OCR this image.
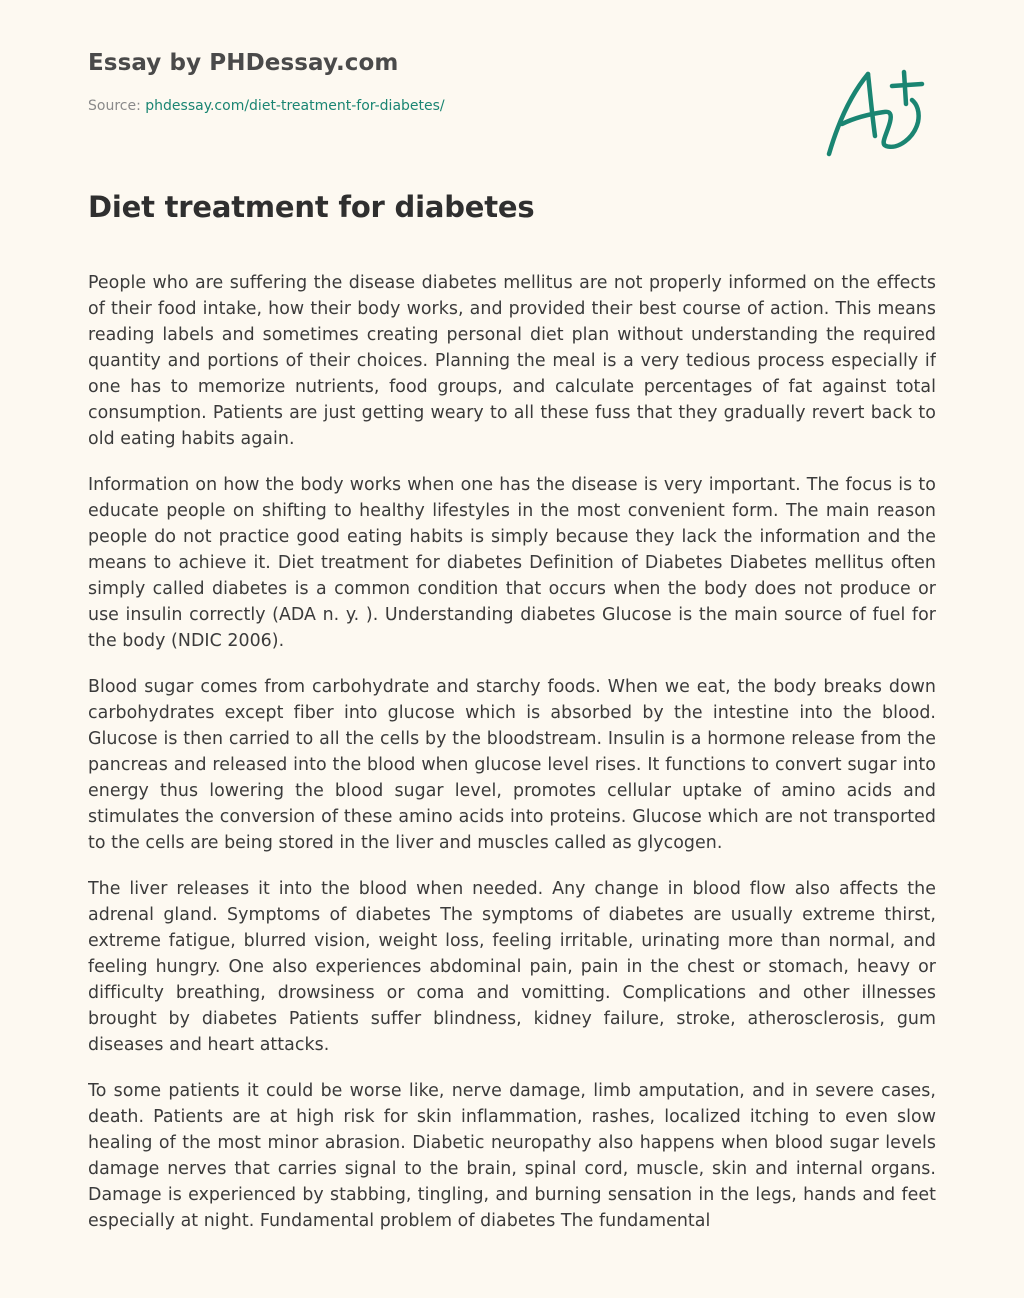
Essay by PHDessay.com
Source: phdessay.com/diet-treatment-for-diabetes/
Diet treatment for diabetes

People who are suffering the disease diabetes mellitus are not properly informed on the effects of their food intake, how their body works, and provided their best course of action. This means reading labels and sometimes creating personal diet plan without understanding the required quantity and portions of their choices. Planning the meal is a very tedious process especially if one has to memorize nutrients, food groups, and calculate percentages of fat against total consumption. Patients are just getting weary to all these fuss that they gradually revert back to old eating habits again.

Information on how the body works when one has the disease is very important. The focus is to educate people on shifting to healthy lifestyles in the most convenient form. The main reason people do not practice good eating habits is simply because they lack the information and the means to achieve it. Diet treatment for diabetes Definition of Diabetes Diabetes mellitus often simply called diabetes is a common condition that occurs when the body does not produce or use insulin correctly (ADA n. y. ). Understanding diabetes Glucose is the main source of fuel for the body (NDIC 2006).

Blood sugar comes from carbohydrate and starchy foods. When we eat, the body breaks down carbohydrates except fiber into glucose which is absorbed by the intestine into the blood. Glucose is then carried to all the cells by the bloodstream. Insulin is a hormone release from the pancreas and released into the blood when glucose level rises. It functions to convert sugar into energy thus lowering the blood sugar level, promotes cellular uptake of amino acids and stimulates the conversion of these amino acids into proteins. Glucose which are not transported to the cells are being stored in the liver and muscles called as glycogen.

The liver releases it into the blood when needed. Any change in blood flow also affects the adrenal gland. Symptoms of diabetes The symptoms of diabetes are usually extreme thirst, extreme fatigue, blurred vision, weight loss, feeling irritable, urinating more than normal, and feeling hungry. One also experiences abdominal pain, pain in the chest or stomach, heavy or difficulty breathing, drowsiness or coma and vomitting. Complications and other illnesses brought by diabetes Patients suffer blindness, kidney failure, stroke, atherosclerosis, gum diseases and heart attacks.

To some patients it could be worse like, nerve damage, limb amputation, and in severe cases, death. Patients are at high risk for skin inflammation, rashes, localized itching to even slow healing of the most minor abrasion. Diabetic neuropathy also happens when blood sugar levels damage nerves that carries signal to the brain, spinal cord, muscle, skin and internal organs. Damage is experienced by stabbing, tingling, and burning sensation in the legs, hands and feet especially at night. Fundamental problem of diabetes The fundamental
